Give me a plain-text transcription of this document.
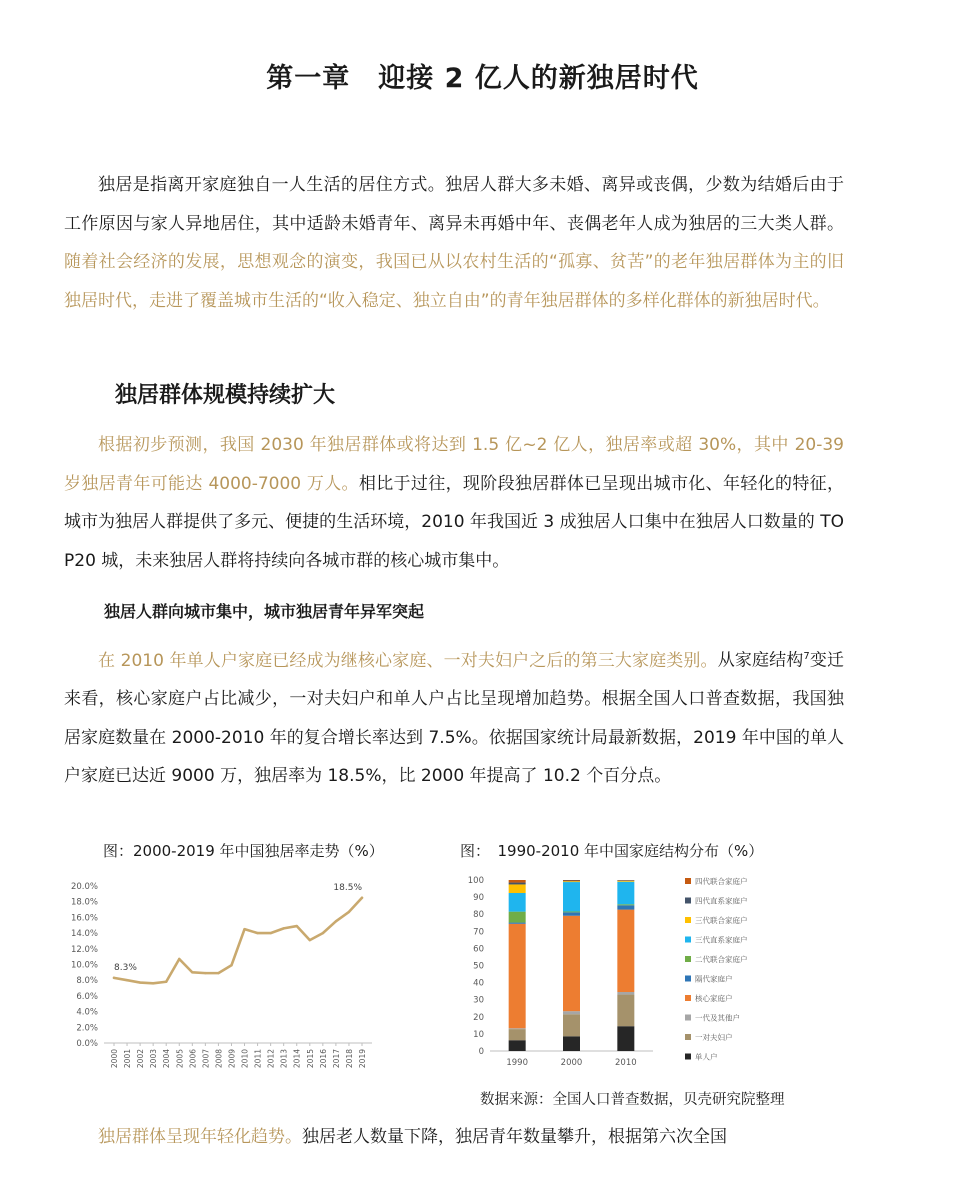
第一章　迎接 2 亿人的新独居时代

独居是指离开家庭独自一人生活的居住方式。独居人群大多未婚、离异或丧偶，少数为结婚后由于工作原因与家人异地居住，其中适龄未婚青年、离异未再婚中年、丧偶老年人成为独居的三大类人群。随着社会经济的发展，思想观念的演变，我国已从以农村生活的“孤寡、贫苦”的老年独居群体为主的旧独居时代，走进了覆盖城市生活的“收入稳定、独立自由”的青年独居群体的多样化群体的新独居时代。

独居群体规模持续扩大

根据初步预测，我国 2030 年独居群体或将达到 1.5 亿~2 亿人，独居率或超 30%，其中 20-39 岁独居青年可能达 4000-7000 万人。相比于过往，现阶段独居群体已呈现出城市化、年轻化的特征，城市为独居人群提供了多元、便捷的生活环境，2010 年我国近 3 成独居人口集中在独居人口数量的 TOP20 城，未来独居人群将持续向各城市群的核心城市集中。

独居人群向城市集中，城市独居青年异军突起

在 2010 年单人户家庭已经成为继核心家庭、一对夫妇户之后的第三大家庭类别。从家庭结构$^7$变迁来看，核心家庭户占比减少，一对夫妇户和单人户占比呈现增加趋势。根据全国人口普查数据，我国独居家庭数量在 2000-2010 年的复合增长率达到 7.5%。依据国家统计局最新数据，2019 年中国的单人户家庭已达近 9000 万，独居率为 18.5%，比 2000 年提高了 10.2 个百分点。

图：2000-2019 年中国独居率走势（%）	图：　1990-2010 年中国家庭结构分布（%）
0.0%
2.0%
4.0%
6.0%
8.0%
10.0%
12.0%
14.0%
16.0%
18.0%
20.0%
2000 2001 2002 2003 2004 2005 2006 2007 2008 2009 2010 2011 2012 2013 2014 2015 2016 2017 2018 2019
8.3%
18.5%
0
10
20
30
40
50
60
70
80
90
100
1990	2000	2010
四代联合家庭户
四代直系家庭户
三代联合家庭户
三代直系家庭户
二代联合家庭户
隔代家庭户
核心家庭户
一代及其他户
一对夫妇户
单人户
数据来源：全国人口普查数据，贝壳研究院整理

独居群体呈现年轻化趋势。独居老人数量下降，独居青年数量攀升，根据第六次全国
